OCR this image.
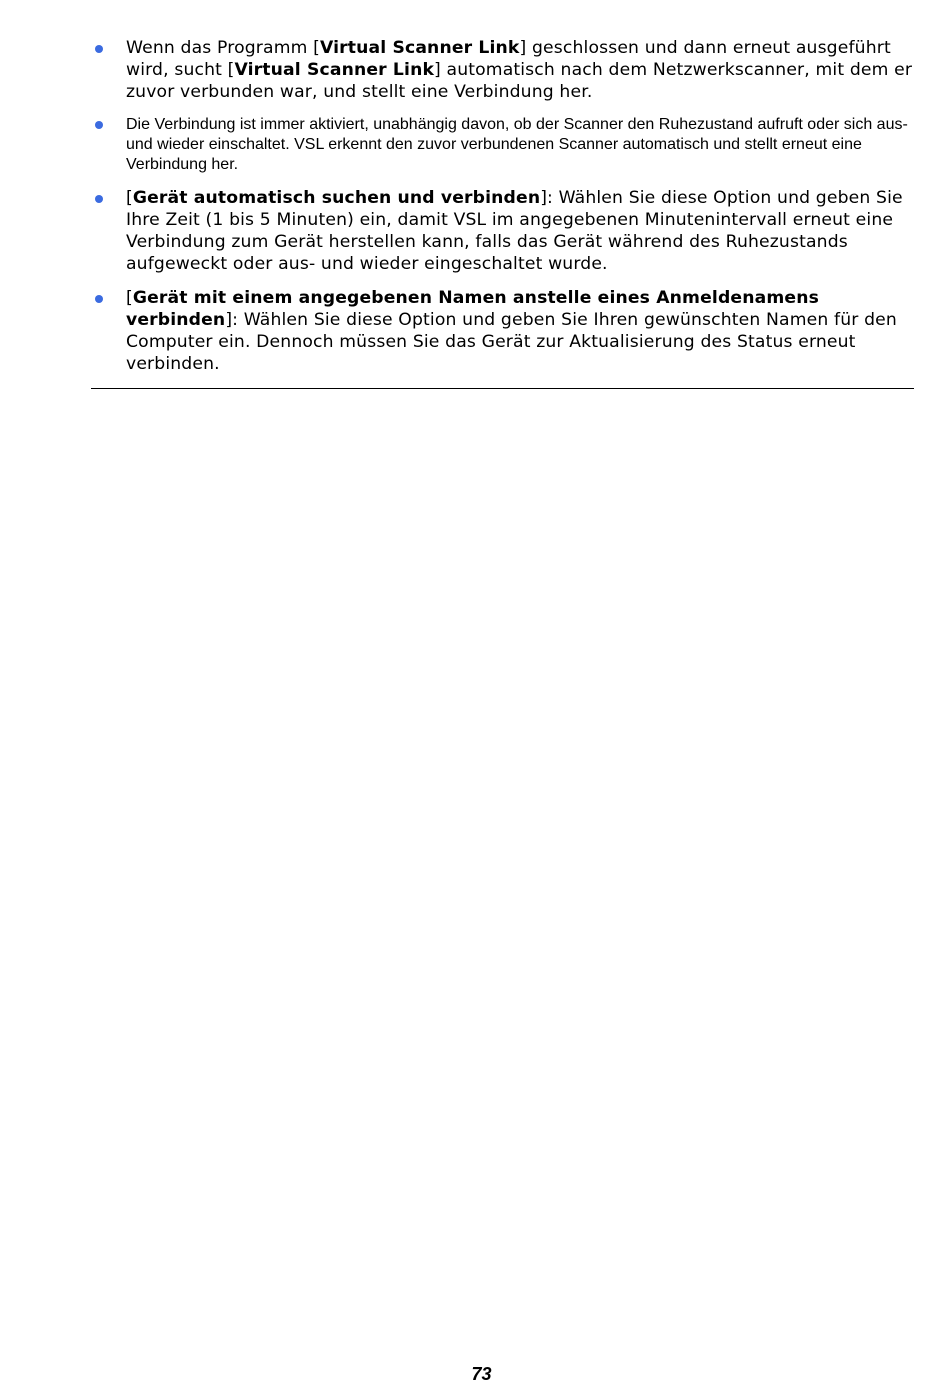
Wenn das Programm [Virtual Scanner Link] geschlossen und dann erneut ausgeführt wird, sucht [Virtual Scanner Link] automatisch nach dem Netzwerkscanner, mit dem er zuvor verbunden war, und stellt eine Verbindung her.
Die Verbindung ist immer aktiviert, unabhängig davon, ob der Scanner den Ruhezustand aufruft oder sich aus- und wieder einschaltet. VSL erkennt den zuvor verbundenen Scanner automatisch und stellt erneut eine Verbindung her.
[Gerät automatisch suchen und verbinden]: Wählen Sie diese Option und geben Sie Ihre Zeit (1 bis 5 Minuten) ein, damit VSL im angegebenen Minutenintervall erneut eine Verbindung zum Gerät herstellen kann, falls das Gerät während des Ruhezustands aufgeweckt oder aus- und wieder eingeschaltet wurde.
[Gerät mit einem angegebenen Namen anstelle eines Anmeldenamens verbinden]: Wählen Sie diese Option und geben Sie Ihren gewünschten Namen für den Computer ein. Dennoch müssen Sie das Gerät zur Aktualisierung des Status erneut verbinden.
73
